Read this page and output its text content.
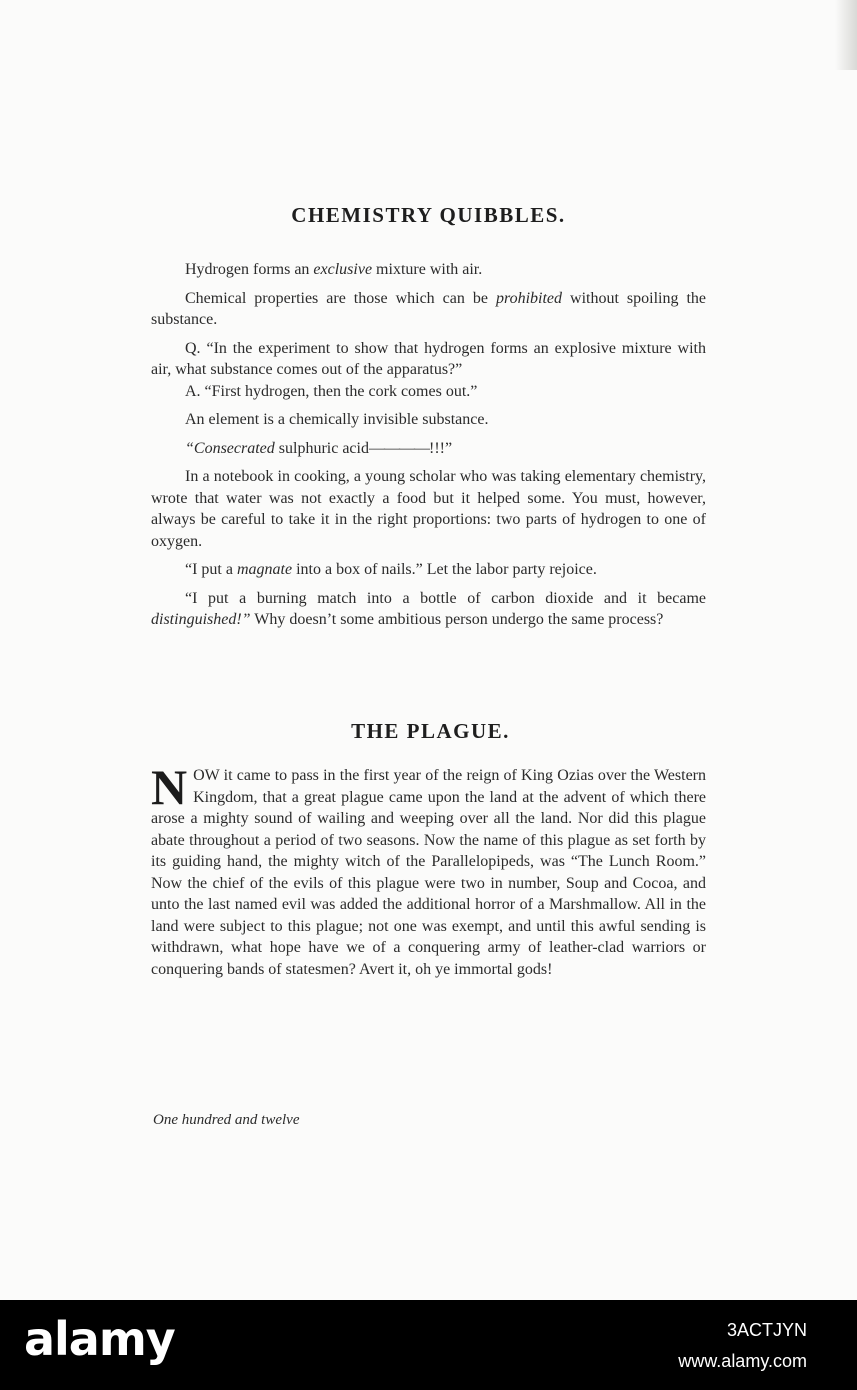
CHEMISTRY QUIBBLES.

Hydrogen forms an exclusive mixture with air.

Chemical properties are those which can be prohibited without spoiling the substance.

Q. “In the experiment to show that hydrogen forms an explosive mixture with air, what substance comes out of the apparatus?”

A. “First hydrogen, then the cork comes out.”

An element is a chemically invisible substance.

“Consecrated sulphuric acid————!!!”

In a notebook in cooking, a young scholar who was taking elementary chemistry, wrote that water was not exactly a food but it helped some. You must, however, always be careful to take it in the right proportions: two parts of hydrogen to one of oxygen.

“I put a magnate into a box of nails.” Let the labor party rejoice.

“I put a burning match into a bottle of carbon dioxide and it became distinguished!” Why doesn’t some ambitious person undergo the same process?

THE PLAGUE.

NOW it came to pass in the first year of the reign of King Ozias over the Western Kingdom, that a great plague came upon the land at the advent of which there arose a mighty sound of wailing and weeping over all the land. Nor did this plague abate throughout a period of two seasons. Now the name of this plague as set forth by its guiding hand, the mighty witch of the Parallelopipeds, was “The Lunch Room.” Now the chief of the evils of this plague were two in number, Soup and Cocoa, and unto the last named evil was added the additional horror of a Marshmallow. All in the land were subject to this plague; not one was exempt, and until this awful sending is withdrawn, what hope have we of a conquering army of leather-clad warriors or conquering bands of statesmen? Avert it, oh ye immortal gods!

One hundred and twelve

alamy	3ACTJYN
www.alamy.com
